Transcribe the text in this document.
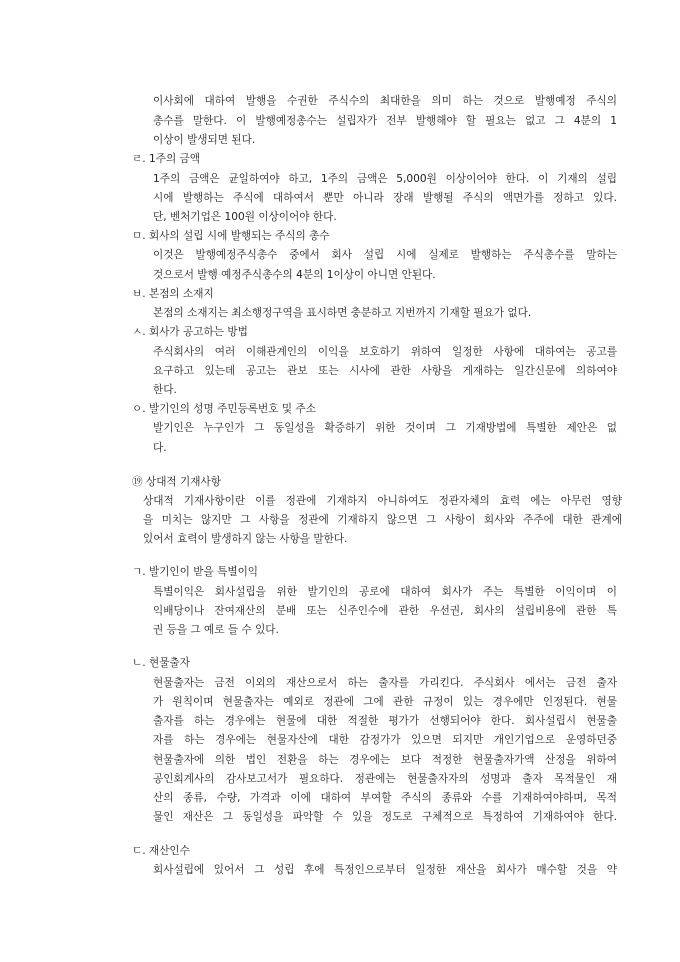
이사회에 대하여 발행을 수권한 주식수의 최대한을 의미 하는 것으로 발행예정 주식의
총수를 말한다. 이 발행예정총수는 설립자가 전부 발행해야 할 필요는 없고 그 4분의 1
이상이 발생되면 된다.
ㄹ. 1주의 금액
1주의 금액은 균일하여야 하고, 1주의 금액은 5,000원 이상이어야 한다. 이 기재의 설립
시에 발행하는 주식에 대하여서 뿐만 아니라 장래 발행될 주식의 액면가를 정하고 있다.
단, 벤처기업은 100원 이상이어야 한다.
ㅁ. 회사의 설립 시에 발행되는 주식의 총수
이것은 발행예정주식총수 중에서 회사 설립 시에 실제로 발행하는 주식총수를 말하는
것으로서 발행 예정주식총수의 4분의 1이상이 아니면 안된다.
ㅂ. 본점의 소재지
본점의 소재지는 최소행정구역을 표시하면 충분하고 지번까지 기재할 필요가 없다.
ㅅ. 회사가 공고하는 방법
주식회사의 여러 이해관계인의 이익을 보호하기 위하여 일정한 사항에 대하여는 공고를
요구하고 있는데 공고는 관보 또는 시사에 관한 사항을 게재하는 일간신문에 의하여야
한다.
ㅇ. 발기인의 성명 주민등록번호 및 주소
발기인은 누구인가 그 동일성을 확증하기 위한 것이며 그 기재방법에 특별한 제안은 없
다.
⑲ 상대적 기재사항
상대적 기재사항이란 이를 정관에 기재하지 아니하여도 정관자체의 효력 에는 아무런 영향
을 미치는 않지만 그 사항을 정관에 기재하지 않으면 그 사항이 회사와 주주에 대한 관계에
있어서 효력이 발생하지 않는 사항을 말한다.
ㄱ. 발기인이 받을 특별이익
특별이익은 회사설립을 위한 발기인의 공로에 대하여 회사가 주는 특별한 이익이며 이
익배당이나 잔여재산의 분배 또는 신주인수에 관한 우선권, 회사의 설립비용에 관한 특
권 등을 그 예로 들 수 있다.
ㄴ. 현물출자
현물출자는 금전 이외의 재산으로서 하는 출자를 가리킨다. 주식회사 에서는 금전 출자
가 원칙이며 현물출자는 예외로 정관에 그에 관한 규정이 있는 경우에만 인정된다. 현물
출자를 하는 경우에는 현물에 대한 적절한 평가가 선행되어야 한다. 회사설립시 현물출
자를 하는 경우에는 현물자산에 대한 감정가가 있으면 되지만 개인기업으로 운영하던중
현물출자에 의한 법인 전환을 하는 경우에는 보다 적정한 현물출자가액 산정을 위하여
공인회계사의 감사보고서가 필요하다. 정관에는 현물출자자의 성명과 출자 목적물인 재
산의 종류, 수량, 가격과 이에 대하여 부여할 주식의 종류와 수를 기재하여야하며, 목적
물인 재산은 그 동일성을 파악할 수 있을 정도로 구체적으로 특정하여 기재하여야 한다.
ㄷ. 재산인수
회사설립에 있어서 그 성립 후에 특정인으로부터 일정한 재산을 회사가 매수할 것을 약
